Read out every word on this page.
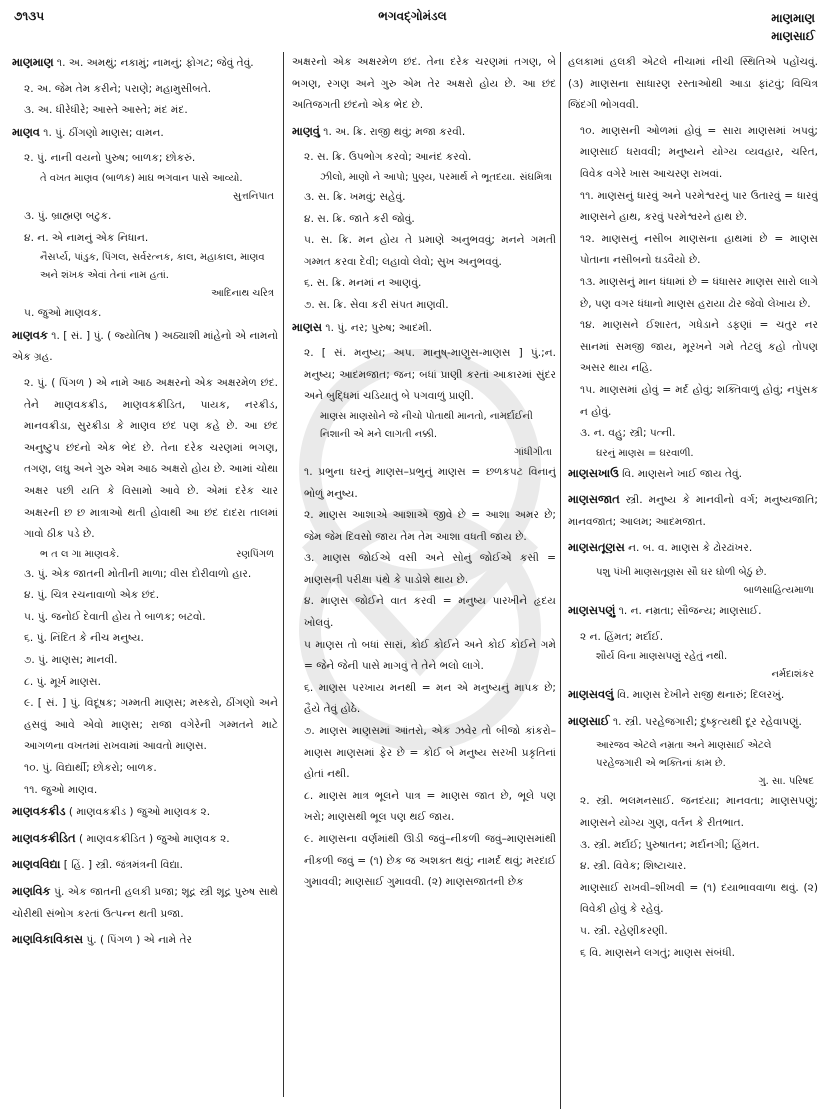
૭૧૩૫	ભગવદ્ગોમંડલ	માણમાણ
માણસાઈ
માણમાણ ૧. અ. અમથું; નકામું; નામનું; ફોગટ; જેવું તેવું.
૨. અ. જેમ તેમ કરીને; પરાણે; મહામુસીબતે.
૩. અ. ધીરેધીરે; આસ્તે આસ્તે; મંદ મંદ.
માણવ ૧. પું. ઠીંગણો માણસ; વામન.
૨. પું. નાની વયનો પુરુષ; બાળક; છોકરું.
તે વખત માણવ (બાળક) માઘ ભગવાન પાસે આવ્યો.
સુત્તનિપાત
૩. પું. બ્રાહ્મણ બટુક.
૪. ન. એ નામનું એક નિધાન.
નૈસર્પ્ય, પાંડુક, પિંગલ, સર્વરત્નક, કાલ, મહાકાલ, માણવ અને શંખક એવાં તેનાં નામ હતાં.
આદિનાથ ચરિત્ર
૫. જુઓ માણવક.
માણવક ૧. [ સં. ] પું. ( જ્યોતિષ ) અઠ્યાશી માંહેનો એ નામનો એક ગ્રહ.
૨. પું. ( પિંગળ ) એ નામે આઠ અક્ષરનો એક અક્ષરમેળ છંદ. તેને માણવકક્રીડ, માણવકક્રીડિત, પાયક, નરક્રીડ, માનવક્રીડા, સુરક્રીડા કે માણવ છંદ પણ કહે છે. આ છંદ અનુષ્ટુપ છંદનો એક ભેદ છે. તેના દરેક ચરણમાં ભગણ, તગણ, લઘુ અને ગુરુ એમ આઠ અક્ષરો હોય છે. આમાં ચોથા અક્ષર પછી યતિ કે વિસામો આવે છે. એમાં દરેક ચાર અક્ષરની છ છ માત્રાઓ થતી હોવાથી આ છંદ દાદરા તાલમાં ગાવો ઠીક પડે છે.
ભ ત લ ગા માણવકે.	રણપિંગળ
૩. પું. એક જાતની મોતીની માળા; વીસ દોરીવાળો હાર.
૪. પું. ચિત્ર રચનાવાળો એક છંદ.
૫. પું. જનોઈ દેવાતી હોય તે બાળક; બટવો.
૬. પું. નિંદિત કે નીચ મનુષ્ય.
૭. પું. માણસ; માનવી.
૮. પું. મૂર્ખ માણસ.
૯. [ સં. ] પું. વિદૂષક; ગમ્મતી માણસ; મસ્કરો, ઠીંગણો અને હસવું આવે એવો માણસ; રાજા વગેરેની ગમ્મતને માટે આગળના વખતમાં રાખવામાં આવતો માણસ.
૧૦. પું. વિદ્યાર્થી; છોકરો; બાળક.
૧૧. જુઓ માણવ.
માણવકક્રીડ ( માણવકક્રીડ ) જુઓ માણવક ૨.
માણવકક્રીડિત ( માણવકક્રીડિત ) જુઓ માણવક ૨.
માણવવિદ્યા [ હિં. ] સ્ત્રી. જંત્રમંત્રની વિદ્યા.
માણવિક પું. એક જાતની હલકી પ્રજા; શૂદ્ર સ્ત્રી શૂદ્ર પુરુષ સાથે ચોરીથી સંભોગ કરતાં ઉત્પન્ન થતી પ્રજા.
માણવિકાવિકાસ પું. ( પિંગળ ) એ નામે તેર
અક્ષરનો એક અક્ષરમેળ છંદ. તેના દરેક ચરણમાં તગણ, બે ભગણ, રગણ અને ગુરુ એમ તેર અક્ષરો હોય છે. આ છંદ અતિજગતી છંદનો એક ભેદ છે.
માણવું ૧. અ. ક્રિ. રાજી થવું; મજા કરવી.
૨. સ. ક્રિ. ઉપભોગ કરવો; આનંદ કરવો.
ઝીલો, માણો ને આપો; પુણ્ય, પરમાર્થ ને ભૂતદયા. સંઘમિત્રા
૩. સ. ક્રિ. ખમવું; સહેવું.
૪. સ. ક્રિ. જાતે કરી જોવું.
૫. સ. ક્રિ. મન હોય તે પ્રમાણે અનુભવવું; મનને ગમતી ગમ્મત કરવા દેવી; લહાવો લેવો; સુખ અનુભવવું.
૬. સ. ક્રિ. મનમાં ન આણવું.
૭. સ. ક્રિ. સેવા કરી સંપત માણવી.
માણસ ૧. પું. નર; પુરુષ; આદમી.
૨. [ સં. મનુષ્ય; અપ. માનુષ્-માણુસ-માણસ ] પું.;ન. મનુષ્ય; આદમજાત; જન; બધાં પ્રાણી કરતાં આકારમાં સુંદર અને બુદ્ધિમાં ચડિયાતું બે પગવાળું પ્રાણી.
માણસ માણસોને જે નીચો પોતાથી માનતો, નામર્દાઈની નિશાની એ મને લાગતી નક્કી.
ગાંધીગીતા
૧. પ્રભુના ઘરનું માણસ–પ્રભુનું માણસ = છળકપટ વિનાનું ભોળું મનુષ્ય.
૨. માણસ આશાએ આશાએ જીવે છે = આશા અમર છે; જેમ જેમ દિવસો જાય તેમ તેમ આશા વધતી જાય છે.
૩. માણસ જોઈએ વસી અને સોનું જોઈએ કસી = માણસની પરીક્ષા પંથે કે પાડોશે થાય છે.
૪. માણસ જોઈને વાત કરવી = મનુષ્ય પારખીને હૃદય ખોલવું.
૫ માણસ તો બધાં સારાં, કોઈ કોઈને અને કોઈ કોઈને ગમે = જેને જેની પાસે માગવું તે તેને ભલો લાગે.
૬. માણસ પરખાય મનથી = મન એ મનુષ્યનું માપક છે; હૈયે તેવું હોઠે.
૭. માણસ માણસમાં આંતરો, એક ઝવેર તો બીજો કાંકરો–માણસ માણસમાં ફેર છે = કોઈ બે મનુષ્ય સરખી પ્રકૃતિનાં હોતાં નથી.
૮. માણસ માત્ર ભૂલને પાત્ર = માણસ જાત છે, ભૂલે પણ ખરો; માણસથી ભૂલ પણ થઈ જાય.
૯. માણસના વર્ણમાંથી ઊડી જવું–નીકળી જવું–માણસમાંથી નીકળી જવું = (૧) છેક જ અશક્ત થવું; નામર્દ થવું; મરદાઈ ગુમાવવી; માણસાઈ ગુમાવવી. (૨) માણસજાતની છેક
હલકામાં હલકી એટલે નીચામાં નીચી સ્થિતિએ પહોંચવું. (૩) માણસના સાધારણ રસ્તાઓથી આડા ફાંટવું; વિચિત્ર જિંદગી ભોગવવી.
૧૦. માણસની ઓળમાં હોવું = સારા માણસમાં ખપવું; માણસાઈ ધરાવવી; મનુષ્યને યોગ્ય વ્યવહાર, ચરિત, વિવેક વગેરે ખાસ આચરણ રાખવાં.
૧૧. માણસનું ધારવું અને પરમેશ્વરનું પાર ઉતારવું = ધારવું માણસને હાથ, કરવું પરમેશ્વરને હાથ છે.
૧૨. માણસનું નસીબ માણસના હાથમાં છે = માણસ પોતાના નસીબનો ઘડવૈયો છે.
૧૩. માણસનું માન ધંધામાં છે = ધંધાસર માણસ સારો લાગે છે, પણ વગર ધંધાનો માણસ હરાયા ઢોર જેવો લેખાય છે.
૧૪. માણસને ઈશારત, ગધેડાને ડફણાં = ચતુર નર સાનમાં સમજી જાય, મૂરખને ગમે તેટલું કહો તોપણ અસર થાય નહિ.
૧૫. માણસમાં હોવું = મર્દ હોવું; શક્તિવાળું હોવું; નપુંસક ન હોવું.
૩. ન. વહુ; સ્ત્રી; પત્ની.
ઘરનું માણસ = ઘરવાળી.
માણસખાઉ વિ. માણસને ખાઈ જાય તેવું.
માણસજાત સ્ત્રી. મનુષ્ય કે માનવીનો વર્ગ; મનુષ્યજાતિ; માનવજાત; આલમ; આદમજાત.
માણસતૂણસ ન. બ. વ. માણસ કે ઢોરઢાંખર.
પશુ પંખી માણસતૂણસ સૌ ઘર ઘોળી બેઠું છે.
બાળસાહિત્યમાળા
માણસપણું ૧. ન. નમ્રતા; સૌજન્ય; માણસાઈ.
૨ ન. હિંમત; મર્દાઈ.
શૌર્ય વિના માણસપણું રહેતું નથી.
નર્મદાશંકર
માણસવલું વિ. માણસ દેખીને રાજી થનારું; દિલરખું.
માણસાઈ ૧. સ્ત્રી. પરહેજગારી; દુષ્કૃત્યથી દૂર રહેવાપણું.
આરજવ એટલે નમ્રતા અને માણસાઈ એટલે પરહેજગારી એ ભક્તિનાં કામ છે.
ગુ. સા. પરિષદ
૨. સ્ત્રી. ભલમનસાઈ. જનદયા; માનવતા; માણસપણું; માણસને યોગ્ય ગુણ, વર્તન કે રીતભાત.
૩. સ્ત્રી. મર્દાઈ; પુરુષાતન; મર્દાનગી; હિંમત.
૪. સ્ત્રી. વિવેક; શિષ્ટાચાર.
માણસાઈ રાખવી–શીખવી = (૧) દયાભાવવાળા થવું. (૨) વિવેકી હોવું કે રહેવું.
૫. સ્ત્રી. રહેણીકરણી.
૬ વિ. માણસને લગતું; માણસ સંબંધી.
